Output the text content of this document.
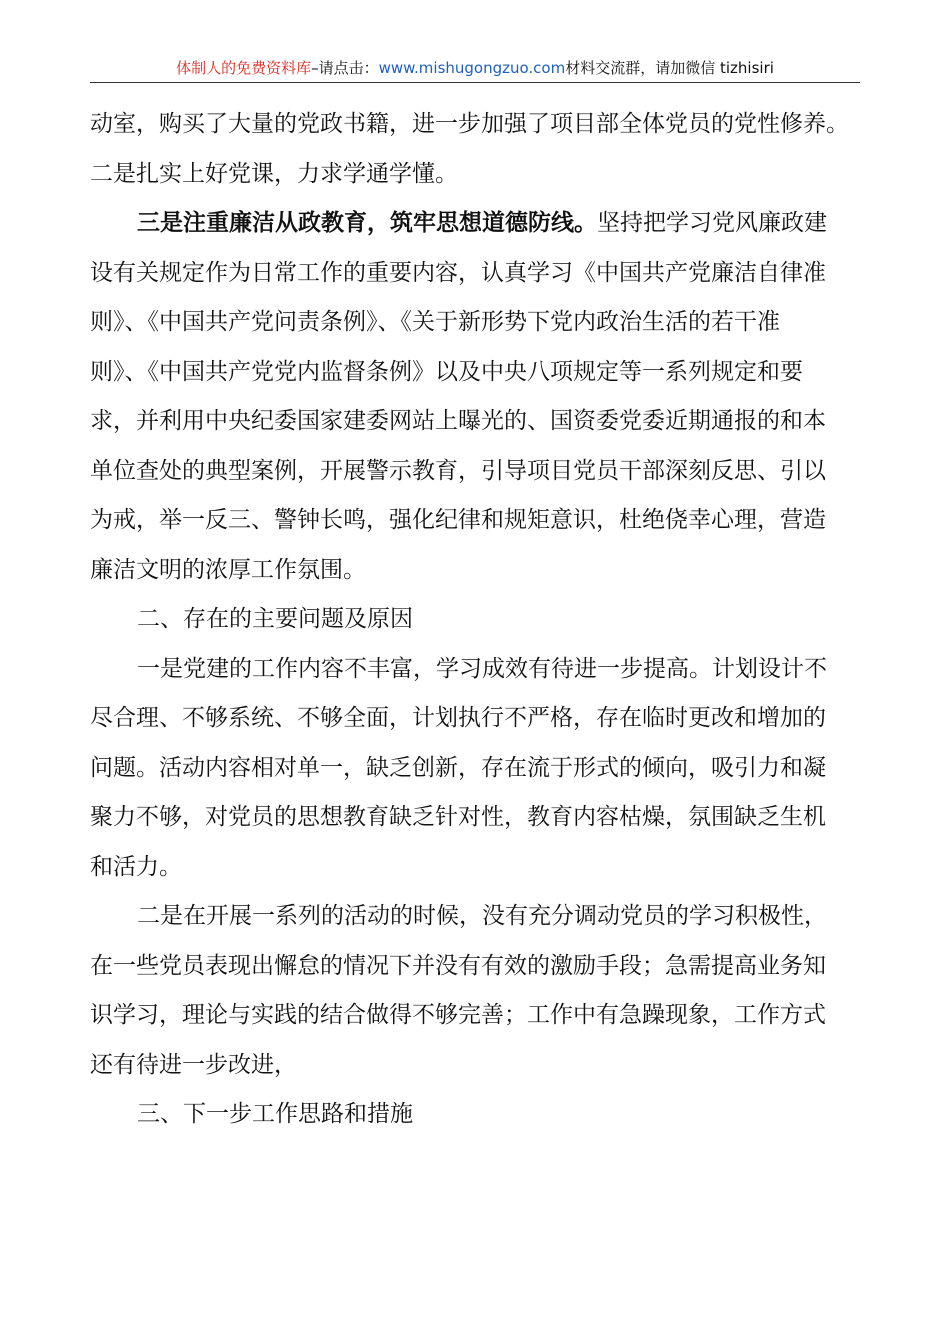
体制人的免费资料库–请点击：www.mishugongzuo.com材料交流群，请加微信 tizhisiri
动室，购买了大量的党政书籍，进一步加强了项目部全体党员的党性修养。
二是扎实上好党课，力求学通学懂。
三是注重廉洁从政教育，筑牢思想道德防线。坚持把学习党风廉政建
设有关规定作为日常工作的重要内容，认真学习《中国共产党廉洁自律准
则》、《中国共产党问责条例》、《关于新形势下党内政治生活的若干准
则》、《中国共产党党内监督条例》以及中央八项规定等一系列规定和要
求，并利用中央纪委国家建委网站上曝光的、国资委党委近期通报的和本
单位查处的典型案例，开展警示教育，引导项目党员干部深刻反思、引以
为戒，举一反三、警钟长鸣，强化纪律和规矩意识，杜绝侥幸心理，营造
廉洁文明的浓厚工作氛围。
二、存在的主要问题及原因
一是党建的工作内容不丰富，学习成效有待进一步提高。计划设计不
尽合理、不够系统、不够全面，计划执行不严格，存在临时更改和增加的
问题。活动内容相对单一，缺乏创新，存在流于形式的倾向，吸引力和凝
聚力不够，对党员的思想教育缺乏针对性，教育内容枯燥，氛围缺乏生机
和活力。
二是在开展一系列的活动的时候，没有充分调动党员的学习积极性，
在一些党员表现出懈怠的情况下并没有有效的激励手段；急需提高业务知
识学习，理论与实践的结合做得不够完善；工作中有急躁现象，工作方式
还有待进一步改进，
三、下一步工作思路和措施
